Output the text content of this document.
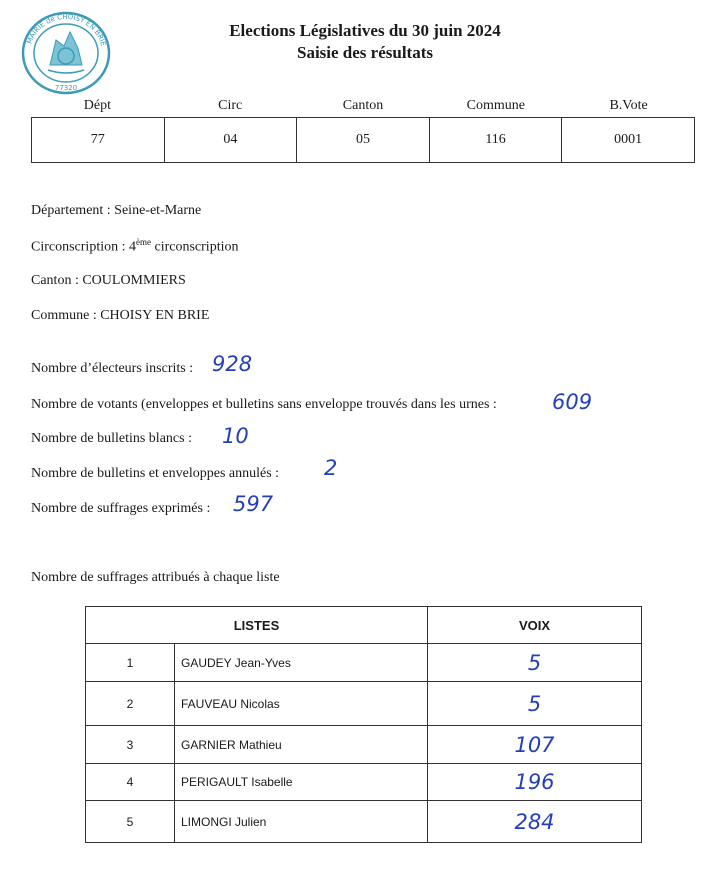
77320
MAIRIE de CHOISY EN BRIE
Elections Législatives du 30 juin 2024
Saisie des résultats
Dépt	Circ	Canton	Commune	B.Vote
77	04	05	116	0001
Département : Seine-et-Marne
Circonscription : 4ème circonscription
Canton : COULOMMIERS
Commune : CHOISY EN BRIE
Nombre d’électeurs inscrits : 928
Nombre de votants (enveloppes et bulletins sans enveloppe trouvés dans les urnes :	609
Nombre de bulletins blancs : 10
Nombre de bulletins et enveloppes annulés : 2
Nombre de suffrages exprimés : 597
Nombre de suffrages attribués à chaque liste
LISTES		VOIX
1	GAUDEY Jean-Yves	5
2	FAUVEAU Nicolas	5
3	GARNIER Mathieu	107
4	PERIGAULT Isabelle	196
5	LIMONGI Julien	284
